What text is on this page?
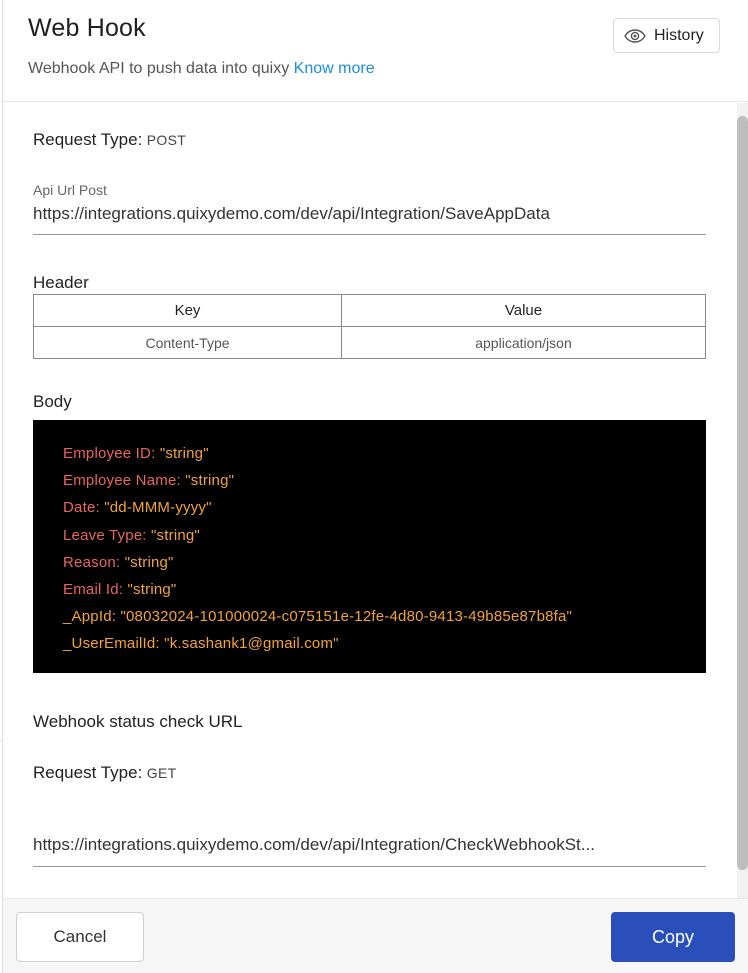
Web Hook
Webhook API to push data into quixy Know more
History
Request Type: POST
Api Url Post
https://integrations.quixydemo.com/dev/api/Integration/SaveAppData
Header
Key	Value
Content-Type	application/json
Body
Employee ID: "string"
Employee Name: "string"
Date: "dd-MMM-yyyy"
Leave Type: "string"
Reason: "string"
Email Id: "string"
_AppId: "08032024-101000024-c075151e-12fe-4d80-9413-49b85e87b8fa"
_UserEmailId: "k.sashank1@gmail.com"
Webhook status check URL
Request Type: GET
https://integrations.quixydemo.com/dev/api/Integration/CheckWebhookSt...
Cancel	Copy
